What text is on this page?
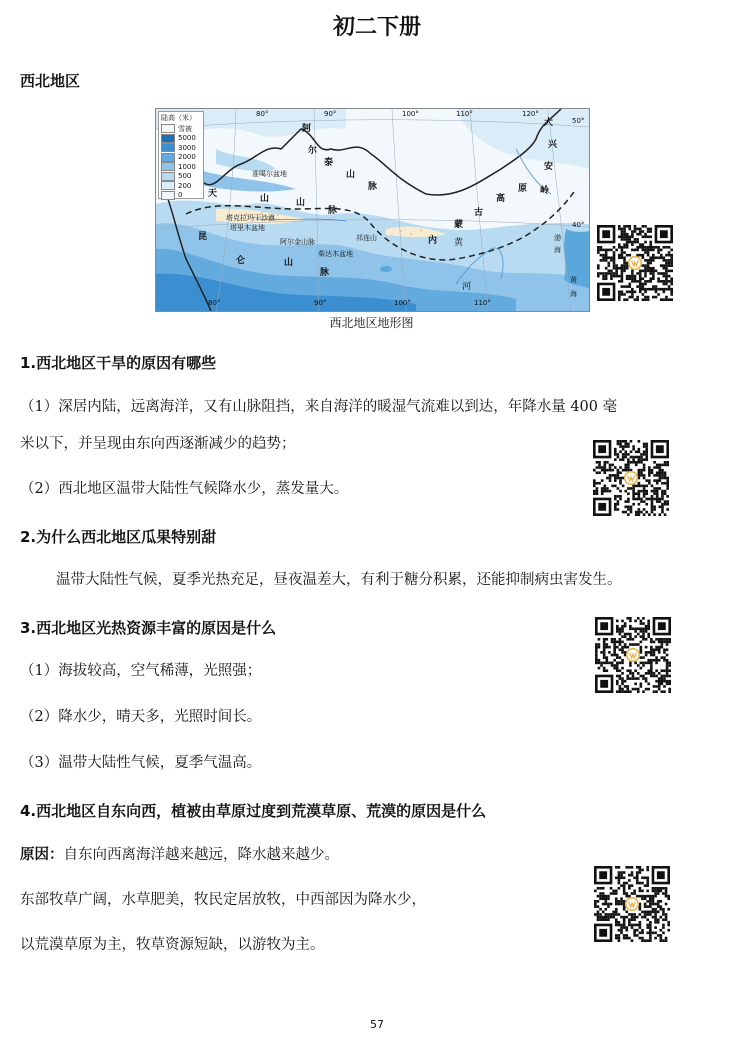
初二下册
西北地区
陆高（米）
雪被
5000
3000
2000
1000
500
200
0
80°	90°	100°	110°	120°
80°	90°	100°	110°
50°
40°
阿
尔
泰
山
脉
准噶尔盆地
天	山	山
脉
塔克拉玛干沙漠
塔里木盆地
昆
仑	山
阿尔金山脉
柴达木盆地
祁连山
脉
内
蒙
古
高
原
大
兴
安
岭
黄
河
渤
海
黄
海
西北地区地形图
1.西北地区干旱的原因有哪些
（1）深居内陆，远离海洋，又有山脉阻挡，来自海洋的暖湿气流难以到达，年降水量 400 毫
米以下，并呈现由东向西逐渐减少的趋势；
（2）西北地区温带大陆性气候降水少，蒸发量大。
2.为什么西北地区瓜果特别甜
温带大陆性气候，夏季光热充足，昼夜温差大，有利于糖分积累，还能抑制病虫害发生。
3.西北地区光热资源丰富的原因是什么
（1）海拔较高，空气稀薄，光照强；
（2）降水少，晴天多，光照时间长。
（3）温带大陆性气候，夏季气温高。
4.西北地区自东向西，植被由草原过度到荒漠草原、荒漠的原因是什么
原因：自东向西离海洋越来越远，降水越来越少。
东部牧草广阔，水草肥美，牧民定居放牧，中西部因为降水少，
以荒漠草原为主，牧草资源短缺，以游牧为主。
57
